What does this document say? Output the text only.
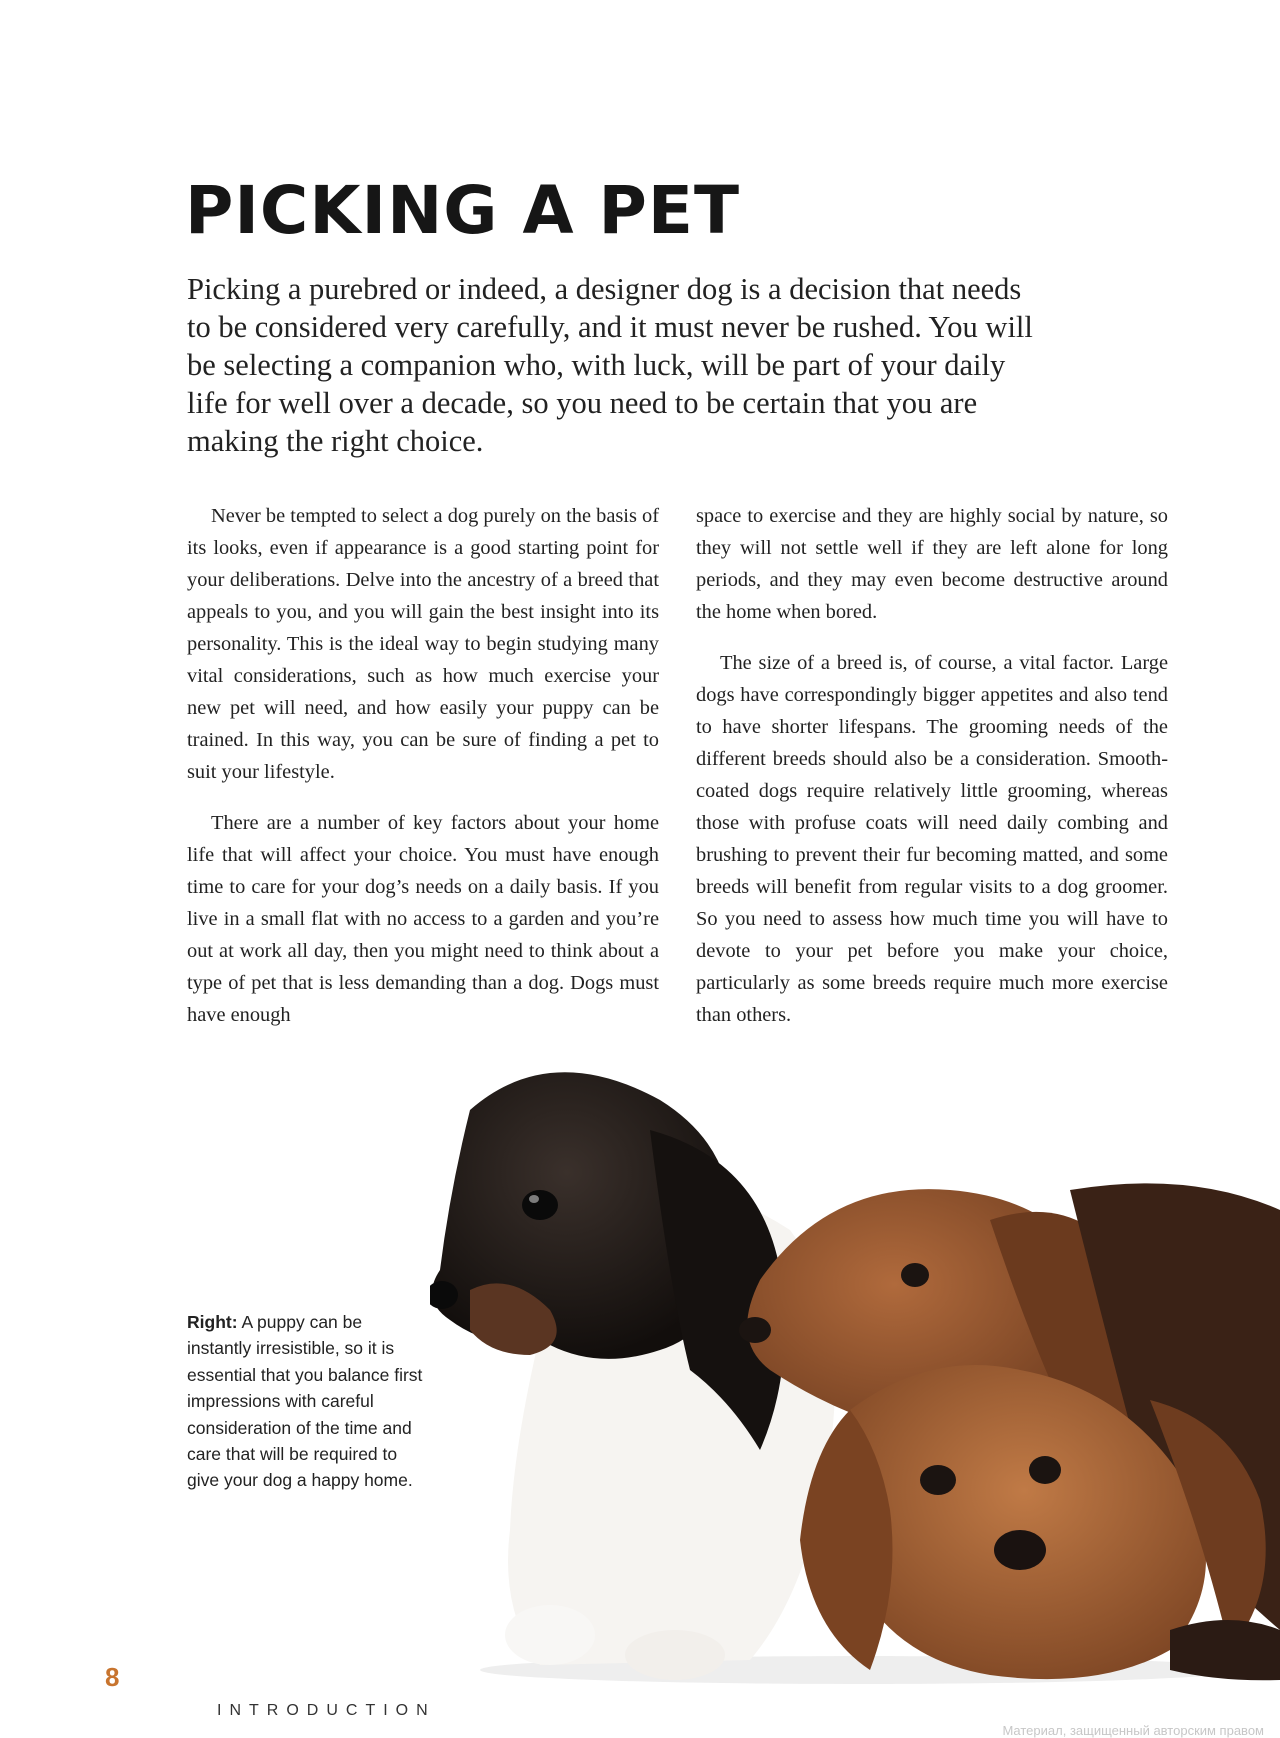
PICKING A PET

Picking a purebred or indeed, a designer dog is a decision that needs to be considered very carefully, and it must never be rushed. You will be selecting a companion who, with luck, will be part of your daily life for well over a decade, so you need to be certain that you are making the right choice.

Never be tempted to select a dog purely on the basis of its looks, even if appearance is a good starting point for your deliberations. Delve into the ancestry of a breed that appeals to you, and you will gain the best insight into its personality. This is the ideal way to begin studying many vital considerations, such as how much exercise your new pet will need, and how easily your puppy can be trained. In this way, you can be sure of finding a pet to suit your lifestyle.

There are a number of key factors about your home life that will affect your choice. You must have enough time to care for your dog’s needs on a daily basis. If you live in a small flat with no access to a garden and you’re out at work all day, then you might need to think about a type of pet that is less demanding than a dog. Dogs must have enough

space to exercise and they are highly social by nature, so they will not settle well if they are left alone for long periods, and they may even become destructive around the home when bored.

The size of a breed is, of course, a vital factor. Large dogs have correspondingly bigger appetites and also tend to have shorter lifespans. The grooming needs of the different breeds should also be a consideration. Smooth-coated dogs require relatively little grooming, whereas those with profuse coats will need daily combing and brushing to prevent their fur becoming matted, and some breeds will benefit from regular visits to a dog groomer. So you need to assess how much time you will have to devote to your pet before you make your choice, particularly as some breeds require much more exercise than others.

Right: A puppy can be instantly irresistible, so it is essential that you balance first impressions with careful consideration of the time and care that will be required to give your dog a happy home.
8
INTRODUCTION
Материал, защищенный авторским правом
